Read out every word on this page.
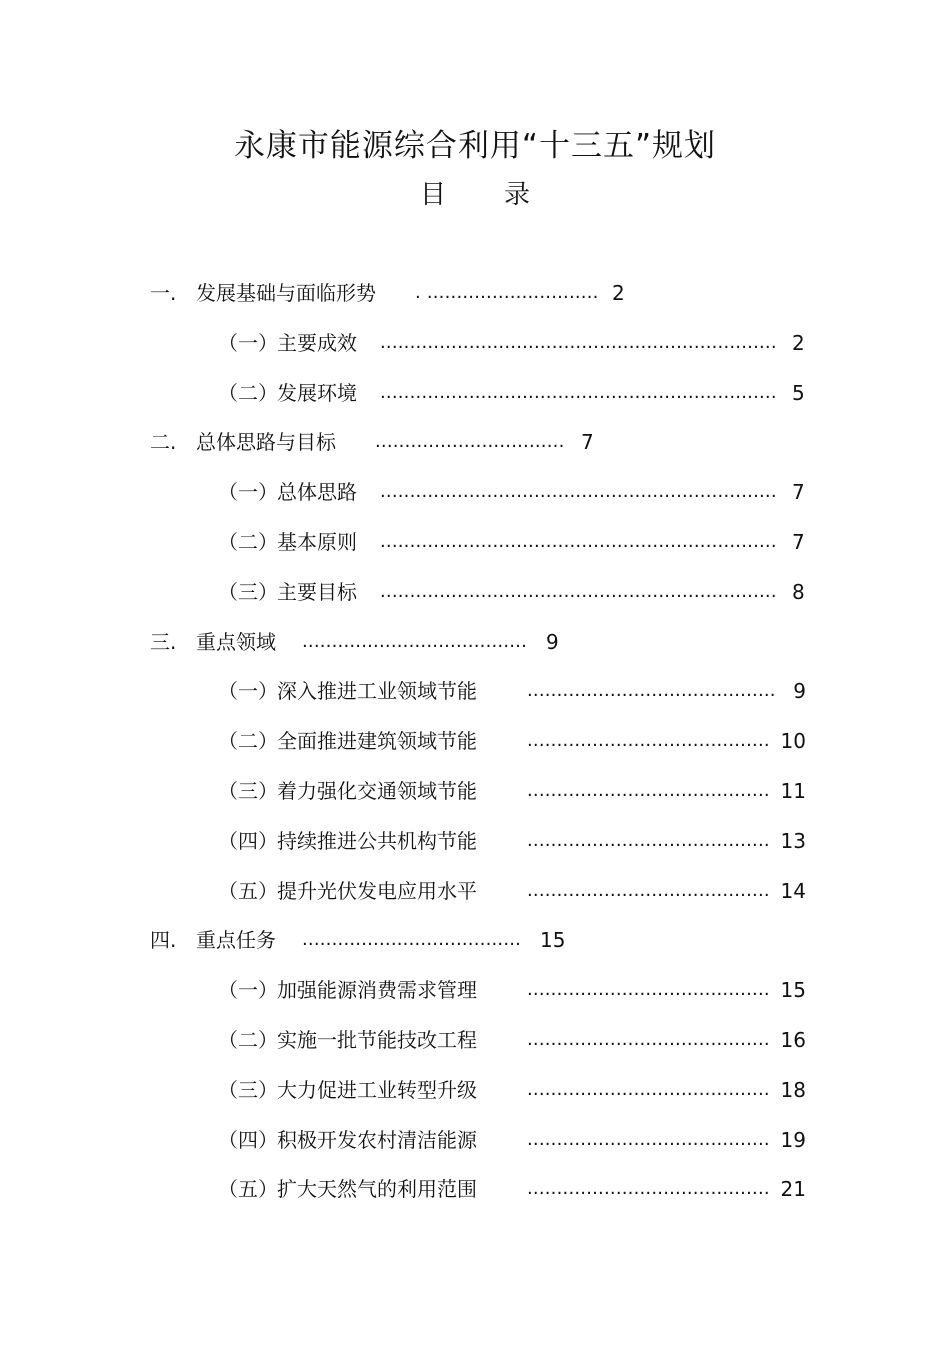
永康市能源综合利用“十三五”规划
目 录
一. 发展基础与面临形势 . ............................. 2
（一） 主要成效 ................................................................... 2
（二） 发展环境 ................................................................... 5
二. 总体思路与目标 ................................ 7
（一） 总体思路 ................................................................... 7
（二） 基本原则 ................................................................... 7
（三） 主要目标 ................................................................... 8
三. 重点领域 ...................................... 9
（一） 深入推进工业领域节能	.......................................... 9
（二） 全面推进建筑领域节能	......................................... 10
（三） 着力强化交通领域节能	......................................... 11
（四） 持续推进公共机构节能	......................................... 13
（五） 提升光伏发电应用水平	......................................... 14
四. 重点任务 ..................................... 15
（一） 加强能源消费需求管理	......................................... 15
（二） 实施一批节能技改工程	......................................... 16
（三） 大力促进工业转型升级	......................................... 18
（四） 积极开发农村清洁能源	......................................... 19
（五） 扩大天然气的利用范围	......................................... 21
